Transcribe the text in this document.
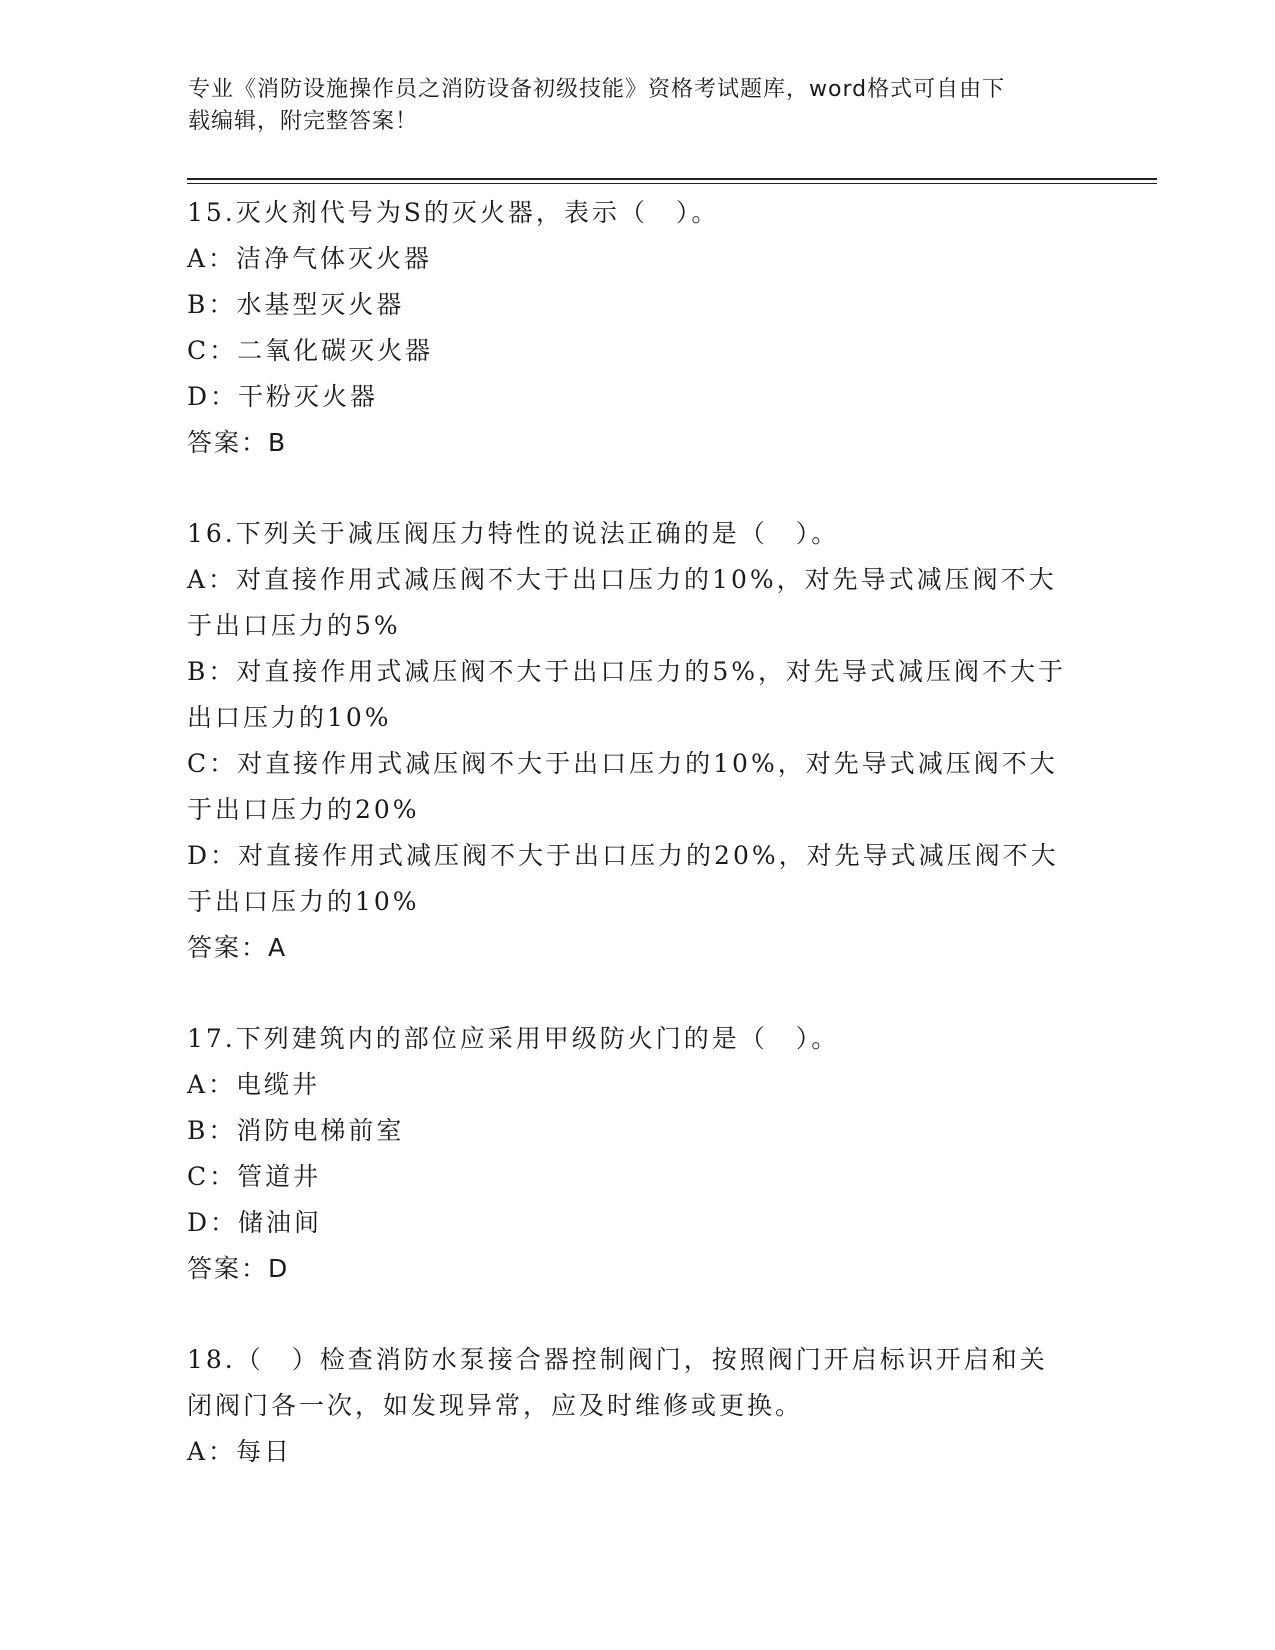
专业《消防设施操作员之消防设备初级技能》资格考试题库，word格式可自由下
载编辑，附完整答案！
15.灭火剂代号为S的灭火器，表示（　）。
A：洁净气体灭火器
B：水基型灭火器
C：二氧化碳灭火器
D：干粉灭火器
答案：B
16.下列关于减压阀压力特性的说法正确的是（　）。
A：对直接作用式减压阀不大于出口压力的10%，对先导式减压阀不大
于出口压力的5%
B：对直接作用式减压阀不大于出口压力的5%，对先导式减压阀不大于
出口压力的10%
C：对直接作用式减压阀不大于出口压力的10%，对先导式减压阀不大
于出口压力的20%
D：对直接作用式减压阀不大于出口压力的20%，对先导式减压阀不大
于出口压力的10%
答案：A
17.下列建筑内的部位应采用甲级防火门的是（　）。
A：电缆井
B：消防电梯前室
C：管道井
D：储油间
答案：D
18.（　）检查消防水泵接合器控制阀门，按照阀门开启标识开启和关
闭阀门各一次，如发现异常，应及时维修或更换。
A：每日
